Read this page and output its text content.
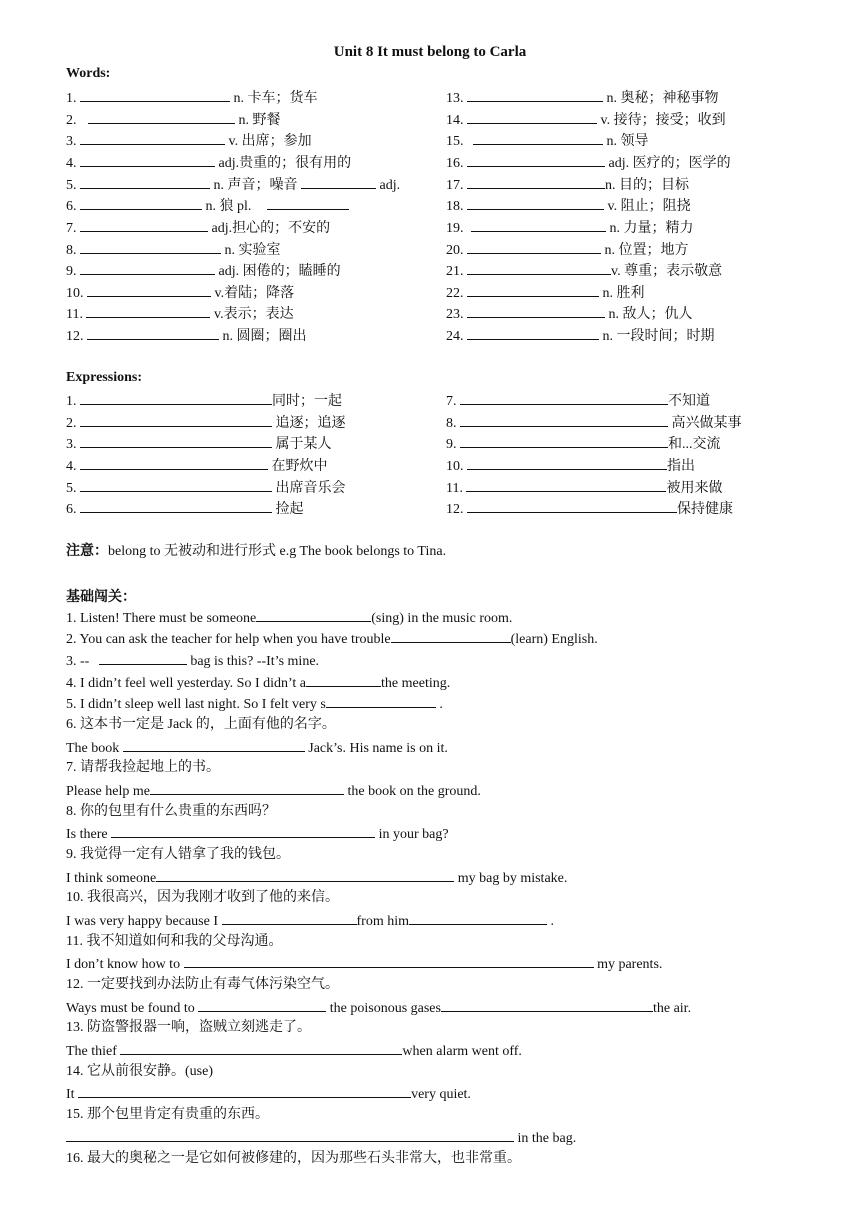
Unit 8 It must belong to Carla
Words:
1.	n. 卡车；货车
2.	n. 野餐
3.	v. 出席；参加
4.	adj.贵重的；很有用的
5.	n. 声音；噪音	adj.
6.	n. 狼 pl.
7.	adj.担心的；不安的
8.	n. 实验室
9.	adj. 困倦的；瞌睡的
10.	v.着陆；降落
11.	v.表示；表达
12.	n. 圆圈；圈出
13.	n. 奥秘；神秘事物
14.	v. 接待；接受；收到
15.	n. 领导
16.	adj. 医疗的；医学的
17.	n. 目的；目标
18.	v. 阻止；阻挠
19.	n. 力量；精力
20.	n. 位置；地方
21.	v. 尊重；表示敬意
22.	n. 胜利
23.	n. 敌人；仇人
24.	n. 一段时间；时期
Expressions:
1.	同时；一起
2.	追逐；追逐
3.	属于某人
4.	在野炊中
5.	出席音乐会
6.	捡起
7.	不知道
8.	高兴做某事
9.	和...交流
10.	指出
11.	被用来做
12.	保持健康
注意：belong to 无被动和进行形式 e.g The book belongs to Tina.
基础闯关：
1. Listen! There must be someone	(sing) in the music room.
2. You can ask the teacher for help when you have trouble	(learn) English.
3. --	bag is this? --It’s mine.
4. I didn’t feel well yesterday. So I didn’t a	the meeting.
5. I didn’t sleep well last night. So I felt very s	.
6. 这本书一定是 Jack 的，上面有他的名字。
The book	Jack’s. His name is on it.
7. 请帮我捡起地上的书。
Please help me	the book on the ground.
8. 你的包里有什么贵重的东西吗？
Is there	in your bag?
9. 我觉得一定有人错拿了我的钱包。
I think someone	my bag by mistake.
10. 我很高兴，因为我刚才收到了他的来信。
I was very happy because I	from him	.
11. 我不知道如何和我的父母沟通。
I don’t know how to	my parents.
12. 一定要找到办法防止有毒气体污染空气。
Ways must be found to	the poisonous gases	the air.
13. 防盗警报器一响，盗贼立刻逃走了。
The thief	when alarm went off.
14. 它从前很安静。(use)
It	very quiet.
15. 那个包里肯定有贵重的东西。
in the bag.
16. 最大的奥秘之一是它如何被修建的，因为那些石头非常大，也非常重。
